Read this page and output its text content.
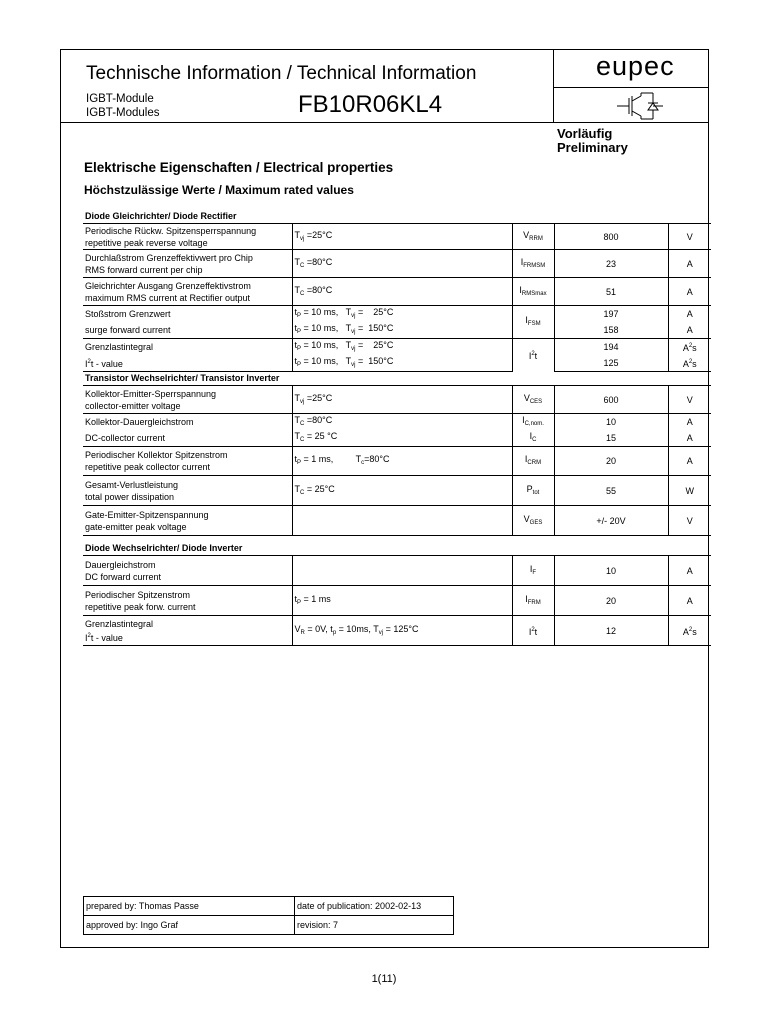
Technische Information / Technical Information
IGBT-Module
IGBT-Modules	FB10R06KL4
eupec
Vorläufig
Preliminary
Elektrische Eigenschaften / Electrical properties
Höchstzulässige Werte / Maximum rated values
Diode Gleichrichter/ Diode Rectifier				

Periodische Rückw. Spitzensperrspannung
repetitive peak reverse voltage	$T_{vj} =25^\circ C$	$V_{RRM}$	800	V

Durchlaßstrom Grenzeffektivwert pro Chip
RMS forward current per chip	$T_C =80^\circ C$	$I_{FRMSM}$	23	A

Gleichrichter Ausgang Grenzeffektivstrom
maximum RMS current at Rectifier output	$T_C =80^\circ C$	$I_{RMSmax}$	51	A
Stoßstrom Grenzwert	$t_P = 10$ ms,   $T_{vj}$ =    25°C	$I_{FSM}$	197	A
surge forward current	$t_P = 10$ ms,   $T_{vj} = 150^\circ C$		158	A
Grenzlastintegral	$t_P = 10$ ms,   $T_{vj}$ =    25°C	$I^2t$	194	$A^2s$
$I^2t$ - value	$t_P = 10$ ms,   $T_{vj} = 150^\circ C$		125	$A^2s$
Transistor Wechselrichter/ Transistor Inverter				

Kollektor-Emitter-Sperrspannung
collector-emitter voltage	$T_{vj} =25^\circ C$	$V_{CES}$	600	V
Kollektor-Dauergleichstrom	$T_C =80^\circ C$	$I_{C,nom.}$	10	A
DC-collector current	$T_C = 25$ °C	$I_C$	15	A

Periodischer Kollektor Spitzenstrom
repetitive peak collector current	$t_P = 1$ ms,         $T_c=80^\circ C$	$I_{CRM}$	20	A

Gesamt-Verlustleistung
total power dissipation	$T_C = 25^\circ C$	$P_{tot}$	55	W

Gate-Emitter-Spitzenspannung
gate-emitter peak voltage		$V_{GES}$	+/- 20V	V
Diode Wechselrichter/ Diode Inverter				

Dauergleichstrom
DC forward current		$I_F$	10	A

Periodischer Spitzenstrom
repetitive peak forw. current	$t_P = 1$ ms	$I_{FRM}$	20	A

Grenzlastintegral
$I^2t$ - value	$V_R = 0V$, $t_p = 10ms$, $T_{vj} = 125^\circ C$	$I^2t$	12	$A^2s$
prepared by: Thomas Passe	date of publication: 2002-02-13
approved by: Ingo Graf	revision: 7
1(11)
